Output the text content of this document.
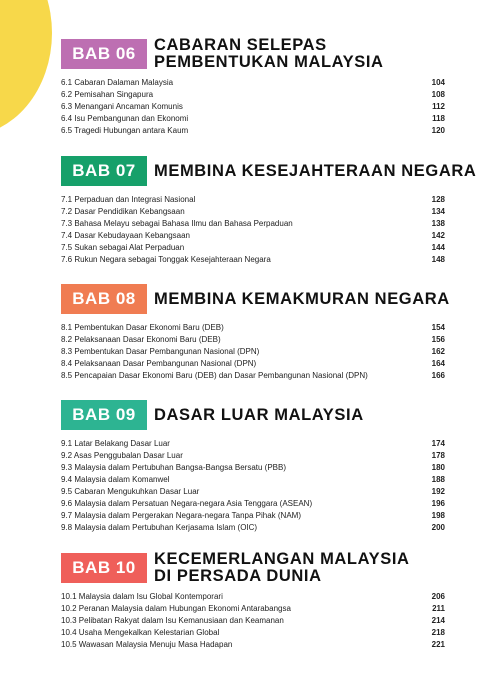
BAB 06	CABARAN SELEPAS
PEMBENTUKAN MALAYSIA
6.1 Cabaran Dalaman Malaysia	104
6.2 Pemisahan Singapura	108
6.3 Menangani Ancaman Komunis	112
6.4 Isu Pembangunan dan Ekonomi	118
6.5 Tragedi Hubungan antara Kaum	120
BAB 07	MEMBINA KESEJAHTERAAN NEGARA
7.1 Perpaduan dan Integrasi Nasional	128
7.2 Dasar Pendidikan Kebangsaan	134
7.3 Bahasa Melayu sebagai Bahasa Ilmu dan Bahasa Perpaduan	138
7.4 Dasar Kebudayaan Kebangsaan	142
7.5 Sukan sebagai Alat Perpaduan	144
7.6 Rukun Negara sebagai Tonggak Kesejahteraan Negara	148
BAB 08	MEMBINA KEMAKMURAN NEGARA
8.1 Pembentukan Dasar Ekonomi Baru (DEB)	154
8.2 Pelaksanaan Dasar Ekonomi Baru (DEB)	156
8.3 Pembentukan Dasar Pembangunan Nasional (DPN)	162
8.4 Pelaksanaan Dasar Pembangunan Nasional (DPN)	164
8.5 Pencapaian Dasar Ekonomi Baru (DEB) dan Dasar Pembangunan Nasional (DPN)	166
BAB 09	DASAR LUAR MALAYSIA
9.1 Latar Belakang Dasar Luar	174
9.2 Asas Penggubalan Dasar Luar	178
9.3 Malaysia dalam Pertubuhan Bangsa-Bangsa Bersatu (PBB)	180
9.4 Malaysia dalam Komanwel	188
9.5 Cabaran Mengukuhkan Dasar Luar	192
9.6 Malaysia dalam Persatuan Negara-negara Asia Tenggara (ASEAN)	196
9.7 Malaysia dalam Pergerakan Negara-negara Tanpa Pihak (NAM)	198
9.8 Malaysia dalam Pertubuhan Kerjasama Islam (OIC)	200
BAB 10	KECEMERLANGAN MALAYSIA
DI PERSADA DUNIA
10.1 Malaysia dalam Isu Global Kontemporari	206
10.2 Peranan Malaysia dalam Hubungan Ekonomi Antarabangsa	211
10.3 Pelibatan Rakyat dalam Isu Kemanusiaan dan Keamanan	214
10.4 Usaha Mengekalkan Kelestarian Global	218
10.5 Wawasan Malaysia Menuju Masa Hadapan	221
